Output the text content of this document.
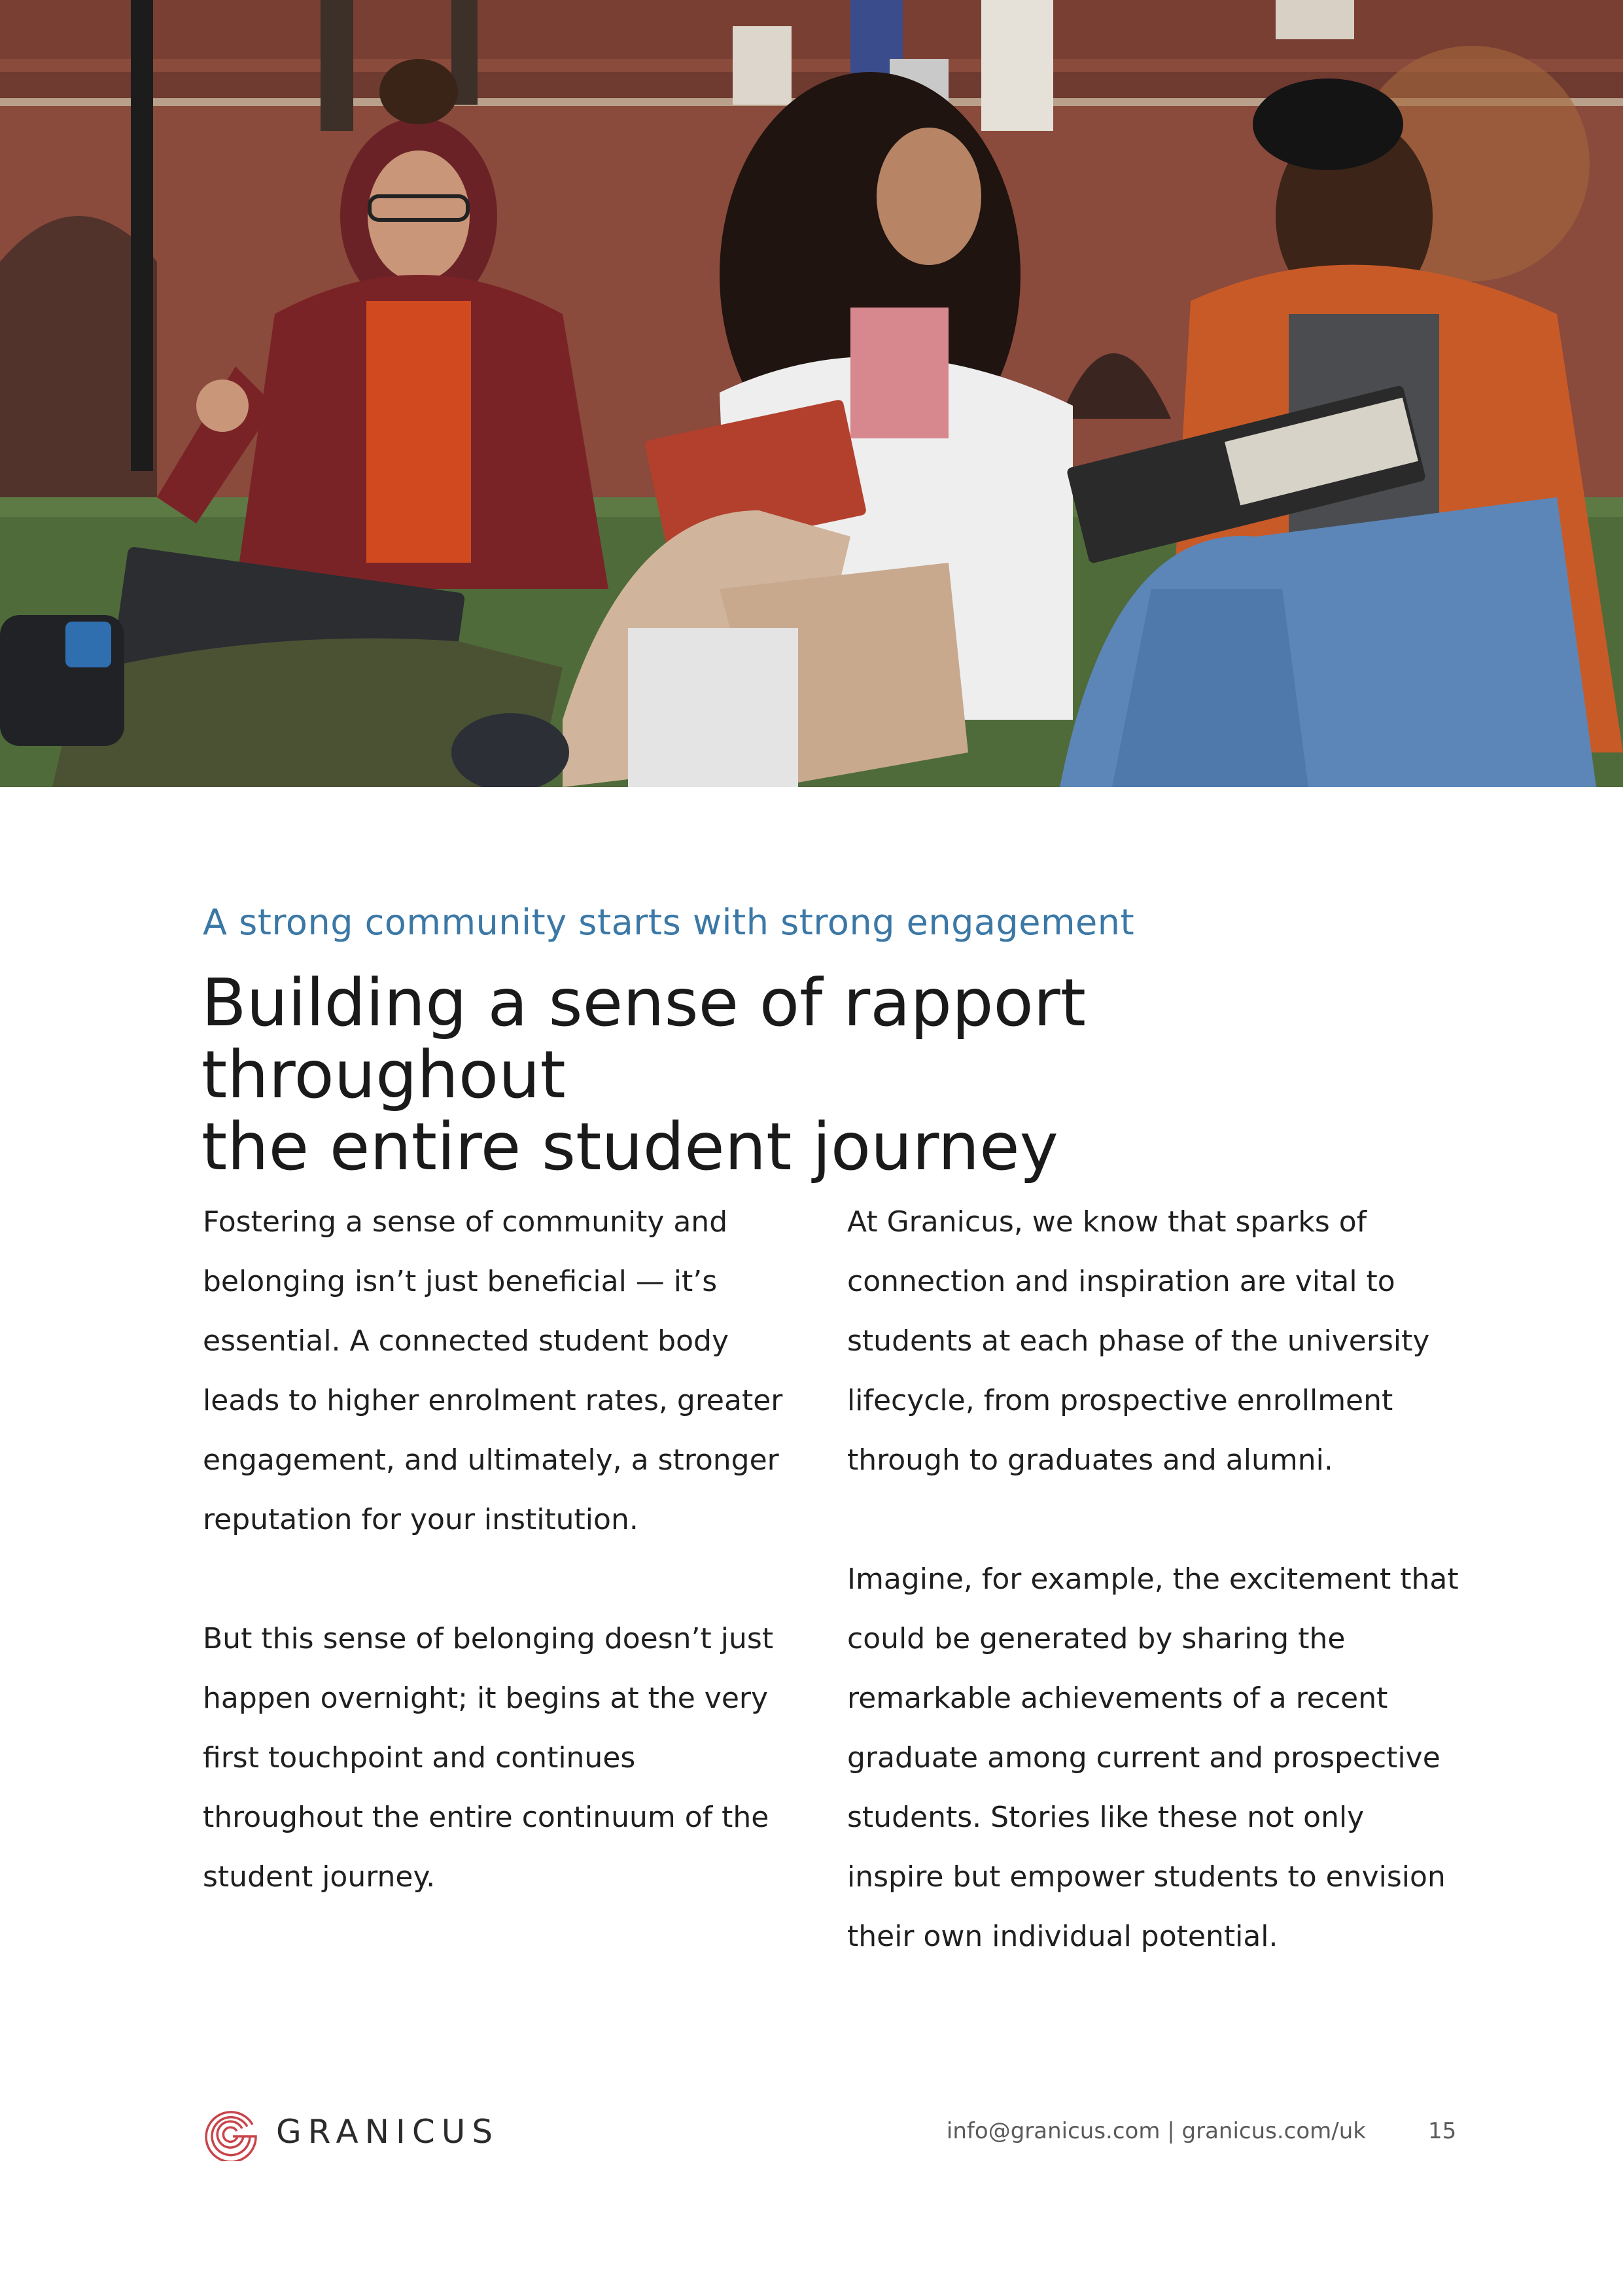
A strong community starts with strong engagement
Building a sense of rapport throughout
the entire student journey

Fostering a sense of community and belonging isn’t just beneficial — it’s essential. A connected student body leads to higher enrolment rates, greater engagement, and ultimately, a stronger reputation for your institution.

But this sense of belonging doesn’t just happen overnight; it begins at the very first touchpoint and continues throughout the entire continuum of the student journey.

At Granicus, we know that sparks of connection and inspiration are vital to students at each phase of the university lifecycle, from prospective enrollment through to graduates and alumni.

Imagine, for example, the excitement that could be generated by sharing the remarkable achievements of a recent graduate among current and prospective students. Stories like these not only inspire but empower students to envision their own individual potential.

GRANICUS	info@granicus.com | granicus.com/uk	15
